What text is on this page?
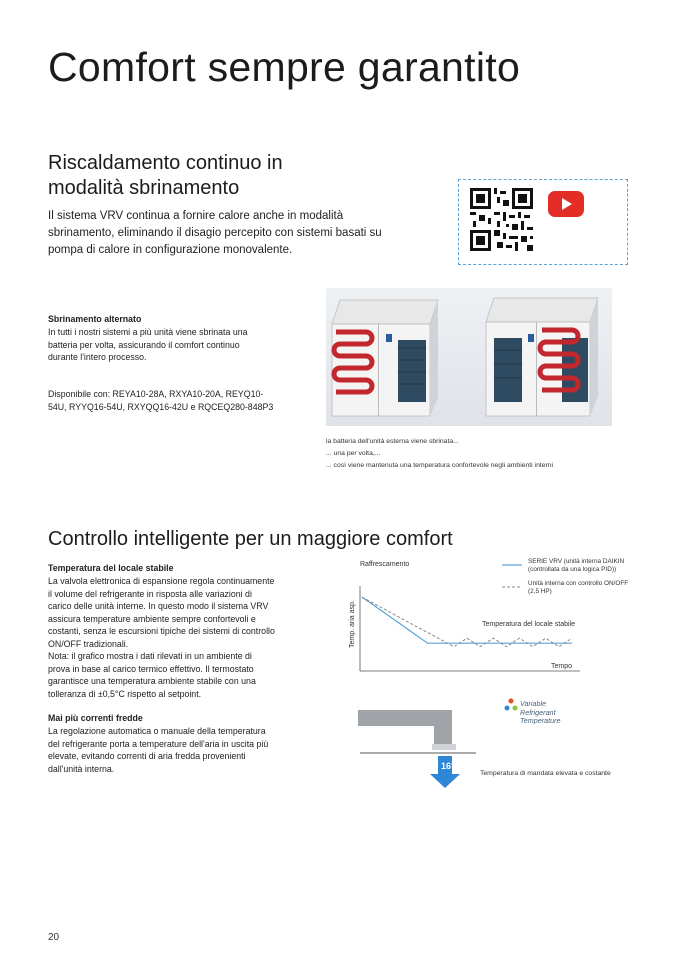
Comfort sempre garantito

Riscaldamento continuo in

modalità sbrinamento

Il sistema VRV continua a fornire calore anche in modalità sbrinamento, eliminando il disagio percepito con sistemi basati su pompa di calore in configurazione monovalente.

Sbrinamento alternato

In tutti i nostri sistemi a più unità viene sbrinata una batteria per volta, assicurando il comfort continuo durante l'intero processo.

Disponibile con: REYA10-28A, RXYA10-20A, REYQ10-54U, RYYQ16-54U, RXYQQ16-42U e RQCEQ280-848P3

la batteria dell'unità esterna viene sbrinata...
... una per volta,...
... così viene mantenuta una temperatura confortevole negli ambienti interni

Controllo intelligente per un maggiore comfort

Temperatura del locale stabile

La valvola elettronica di espansione regola continuamente il volume del refrigerante in risposta alle variazioni di carico delle unità interne. In questo modo il sistema VRV assicura temperature ambiente sempre confortevoli e costanti, senza le escursioni tipiche dei sistemi di controllo ON/OFF tradizionali.

Nota: il grafico mostra i dati rilevati in un ambiente di prova in base al carico termico effettivo. Il termostato garantisce una temperatura ambiente stabile con una tolleranza di ±0,5°C rispetto al setpoint.

Mai più correnti fredde

La regolazione automatica o manuale della temperatura del refrigerante porta a temperature dell'aria in uscita più elevate, evitando correnti di aria fredda provenienti dall'unità interna.

Raffrescamento
Temp. aria asp.
Tempo
Temperatura del locale stabile
SERIE VRV (unità interna DAIKIN (controllata da una logica PID))
Unità interna con controllo ON/OFF (2,5 HP)
16°
Temperatura di mandata elevata e costante
Variable
Refrigerant
Temperature
20
